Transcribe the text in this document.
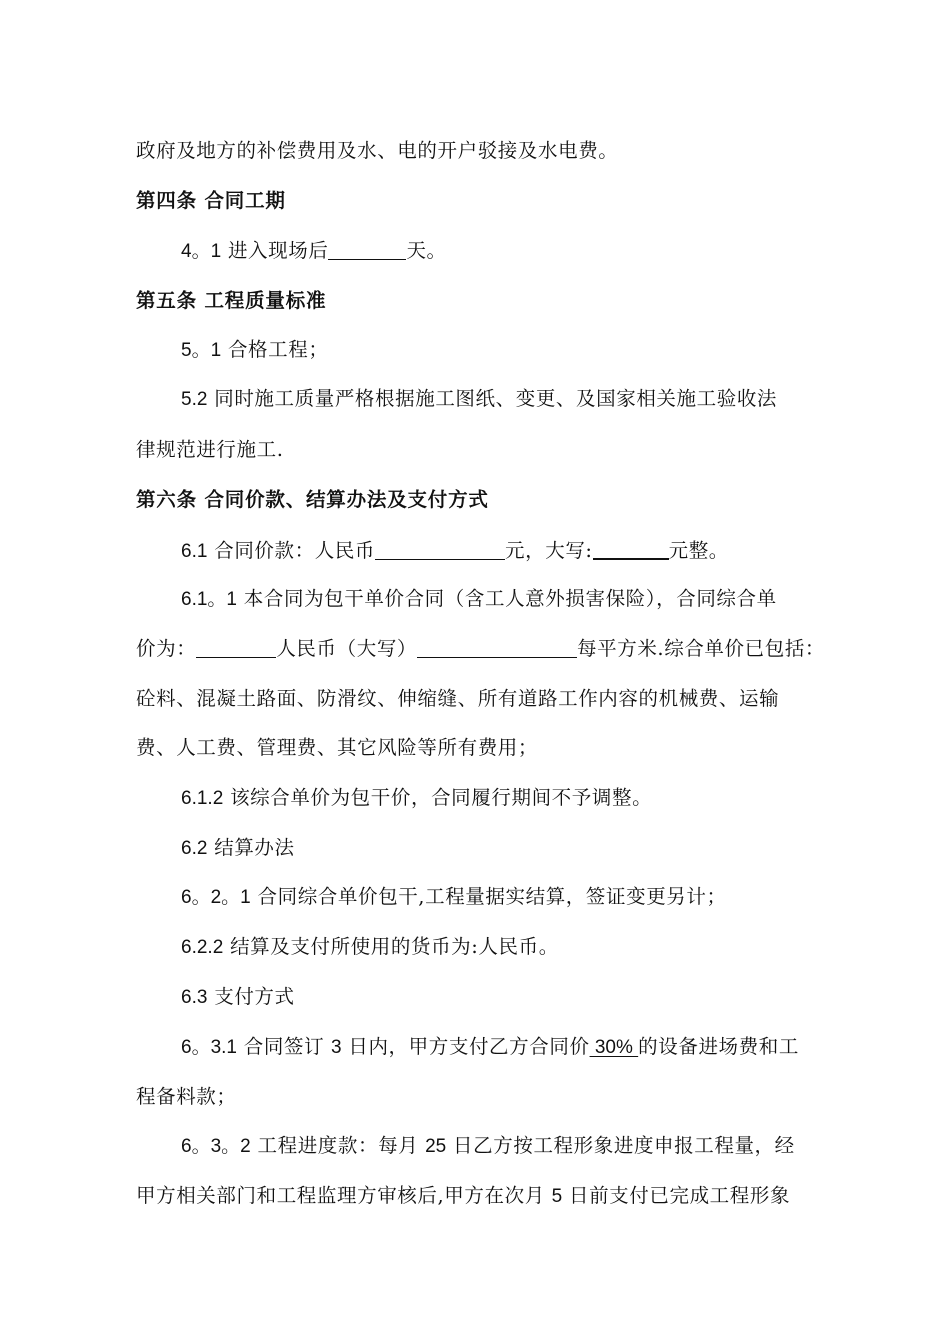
政府及地方的补偿费用及水、电的开户驳接及水电费。
第四条 合同工期
4。1 进入现场后	天。
第五条 工程质量标准
5。1 合格工程；
5.2 同时施工质量严格根据施工图纸、变更、及国家相关施工验收法
律规范进行施工.
第六条 合同价款、结算办法及支付方式
6.1 合同价款：人民币	元，大写:	元整。
6.1。1 本合同为包干单价合同（含工人意外损害保险），合同综合单
价为：	人民币（大写）	每平方米.综合单价已包括：
砼料、混凝土路面、防滑纹、伸缩缝、所有道路工作内容的机械费、运输
费、人工费、管理费、其它风险等所有费用；
6.1.2 该综合单价为包干价，合同履行期间不予调整。
6.2 结算办法
6。2。1 合同综合单价包干,工程量据实结算，签证变更另计；
6.2.2 结算及支付所使用的货币为:人民币。
6.3 支付方式
6。3.1 合同签订 3 日内，甲方支付乙方合同价 30% 的设备进场费和工
程备料款；
6。3。2 工程进度款：每月 25 日乙方按工程形象进度申报工程量，经
甲方相关部门和工程监理方审核后,甲方在次月 5 日前支付已完成工程形象
